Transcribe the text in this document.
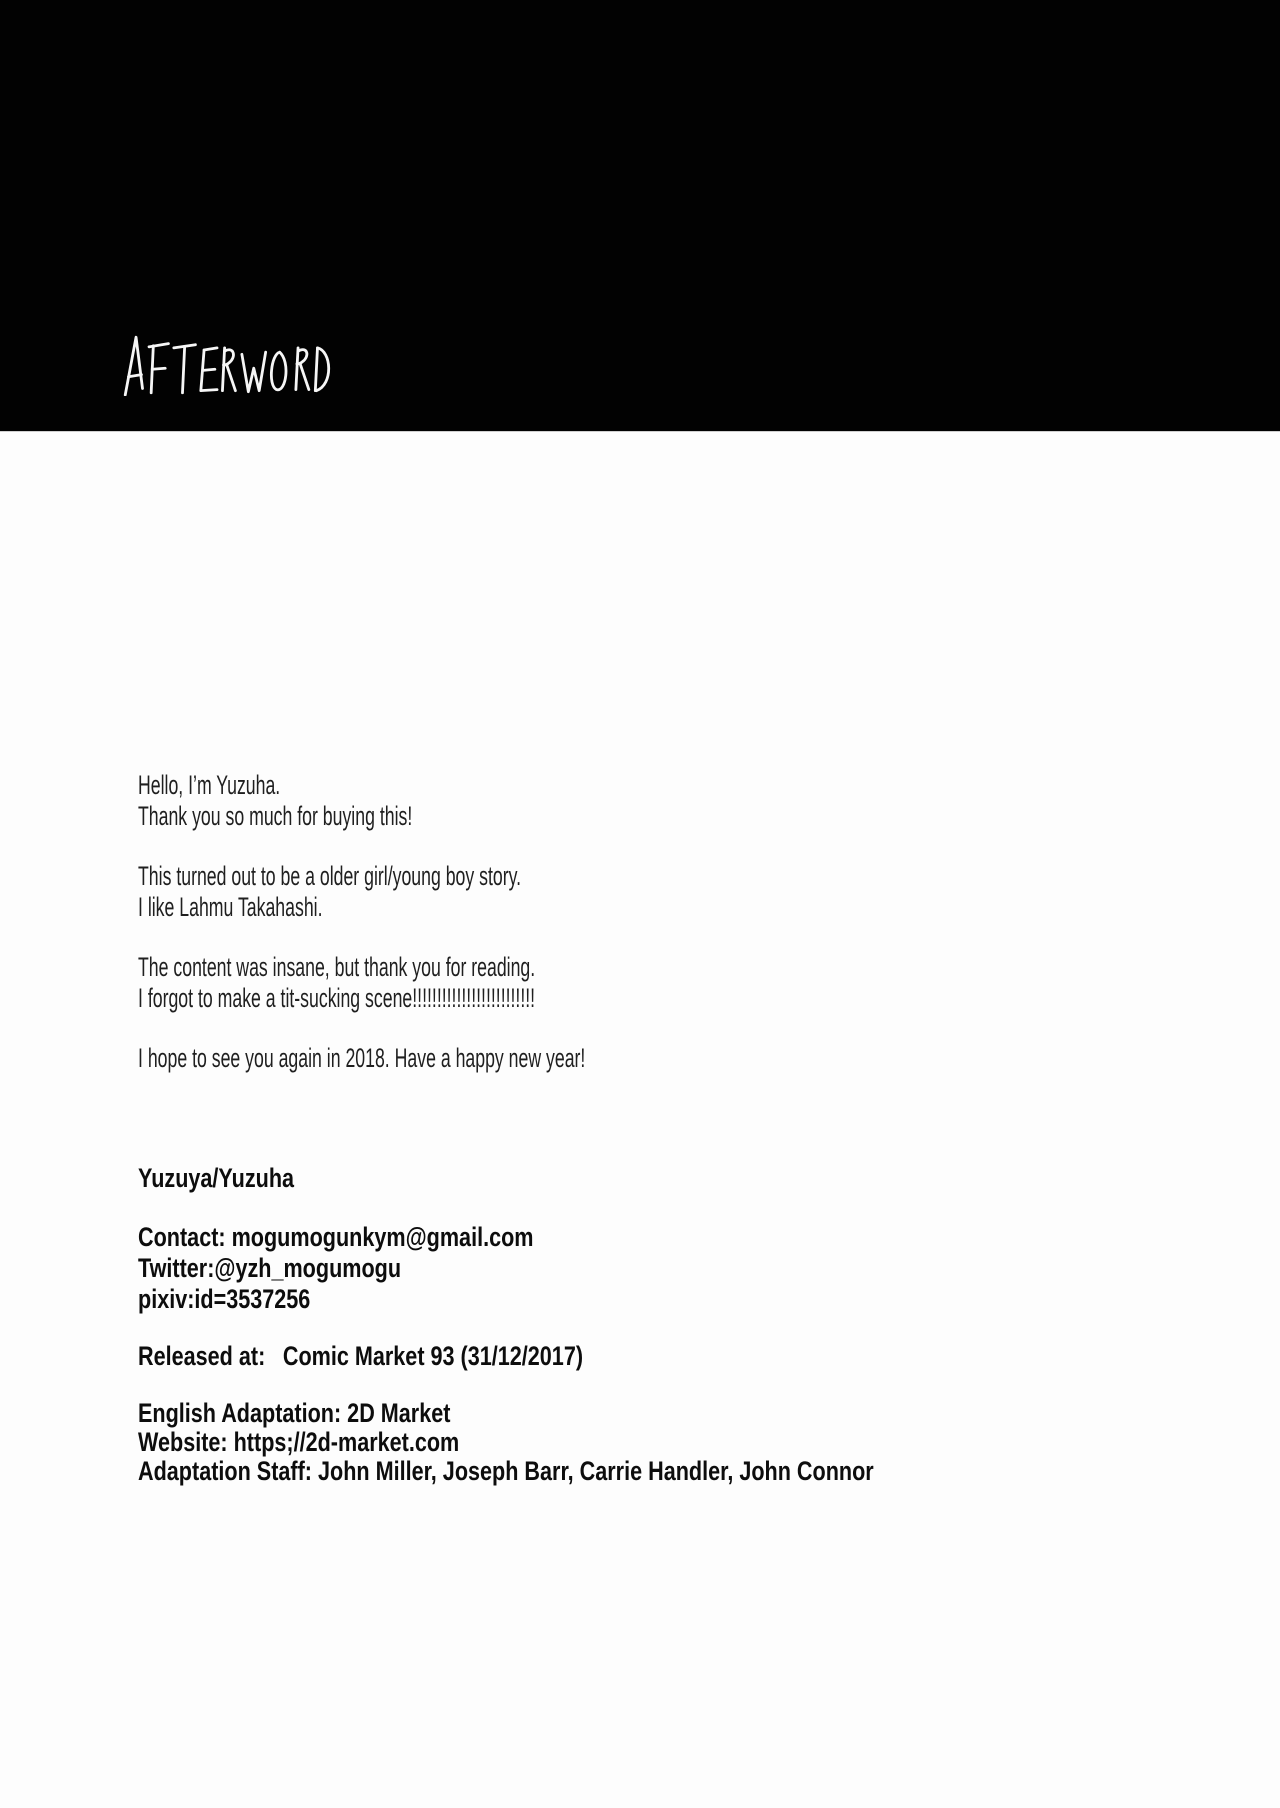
Hello, I’m Yuzuha.
Thank you so much for buying this!

This turned out to be a older girl/young boy story.
I like Lahmu Takahashi.

The content was insane, but thank you for reading.
I forgot to make a tit-sucking scene!!!!!!!!!!!!!!!!!!!!!!!!!

I hope to see you again in 2018. Have a happy new year!

Yuzuya/Yuzuha
Contact: mogumogunkym@gmail.com
Twitter:@yzh_mogumogu
pixiv:id=3537256
Released at: Comic Market 93 (31/12/2017)
English Adaptation: 2D Market
Website: https;//2d-market.com
Adaptation Staff: John Miller, Joseph Barr, Carrie Handler, John Connor
